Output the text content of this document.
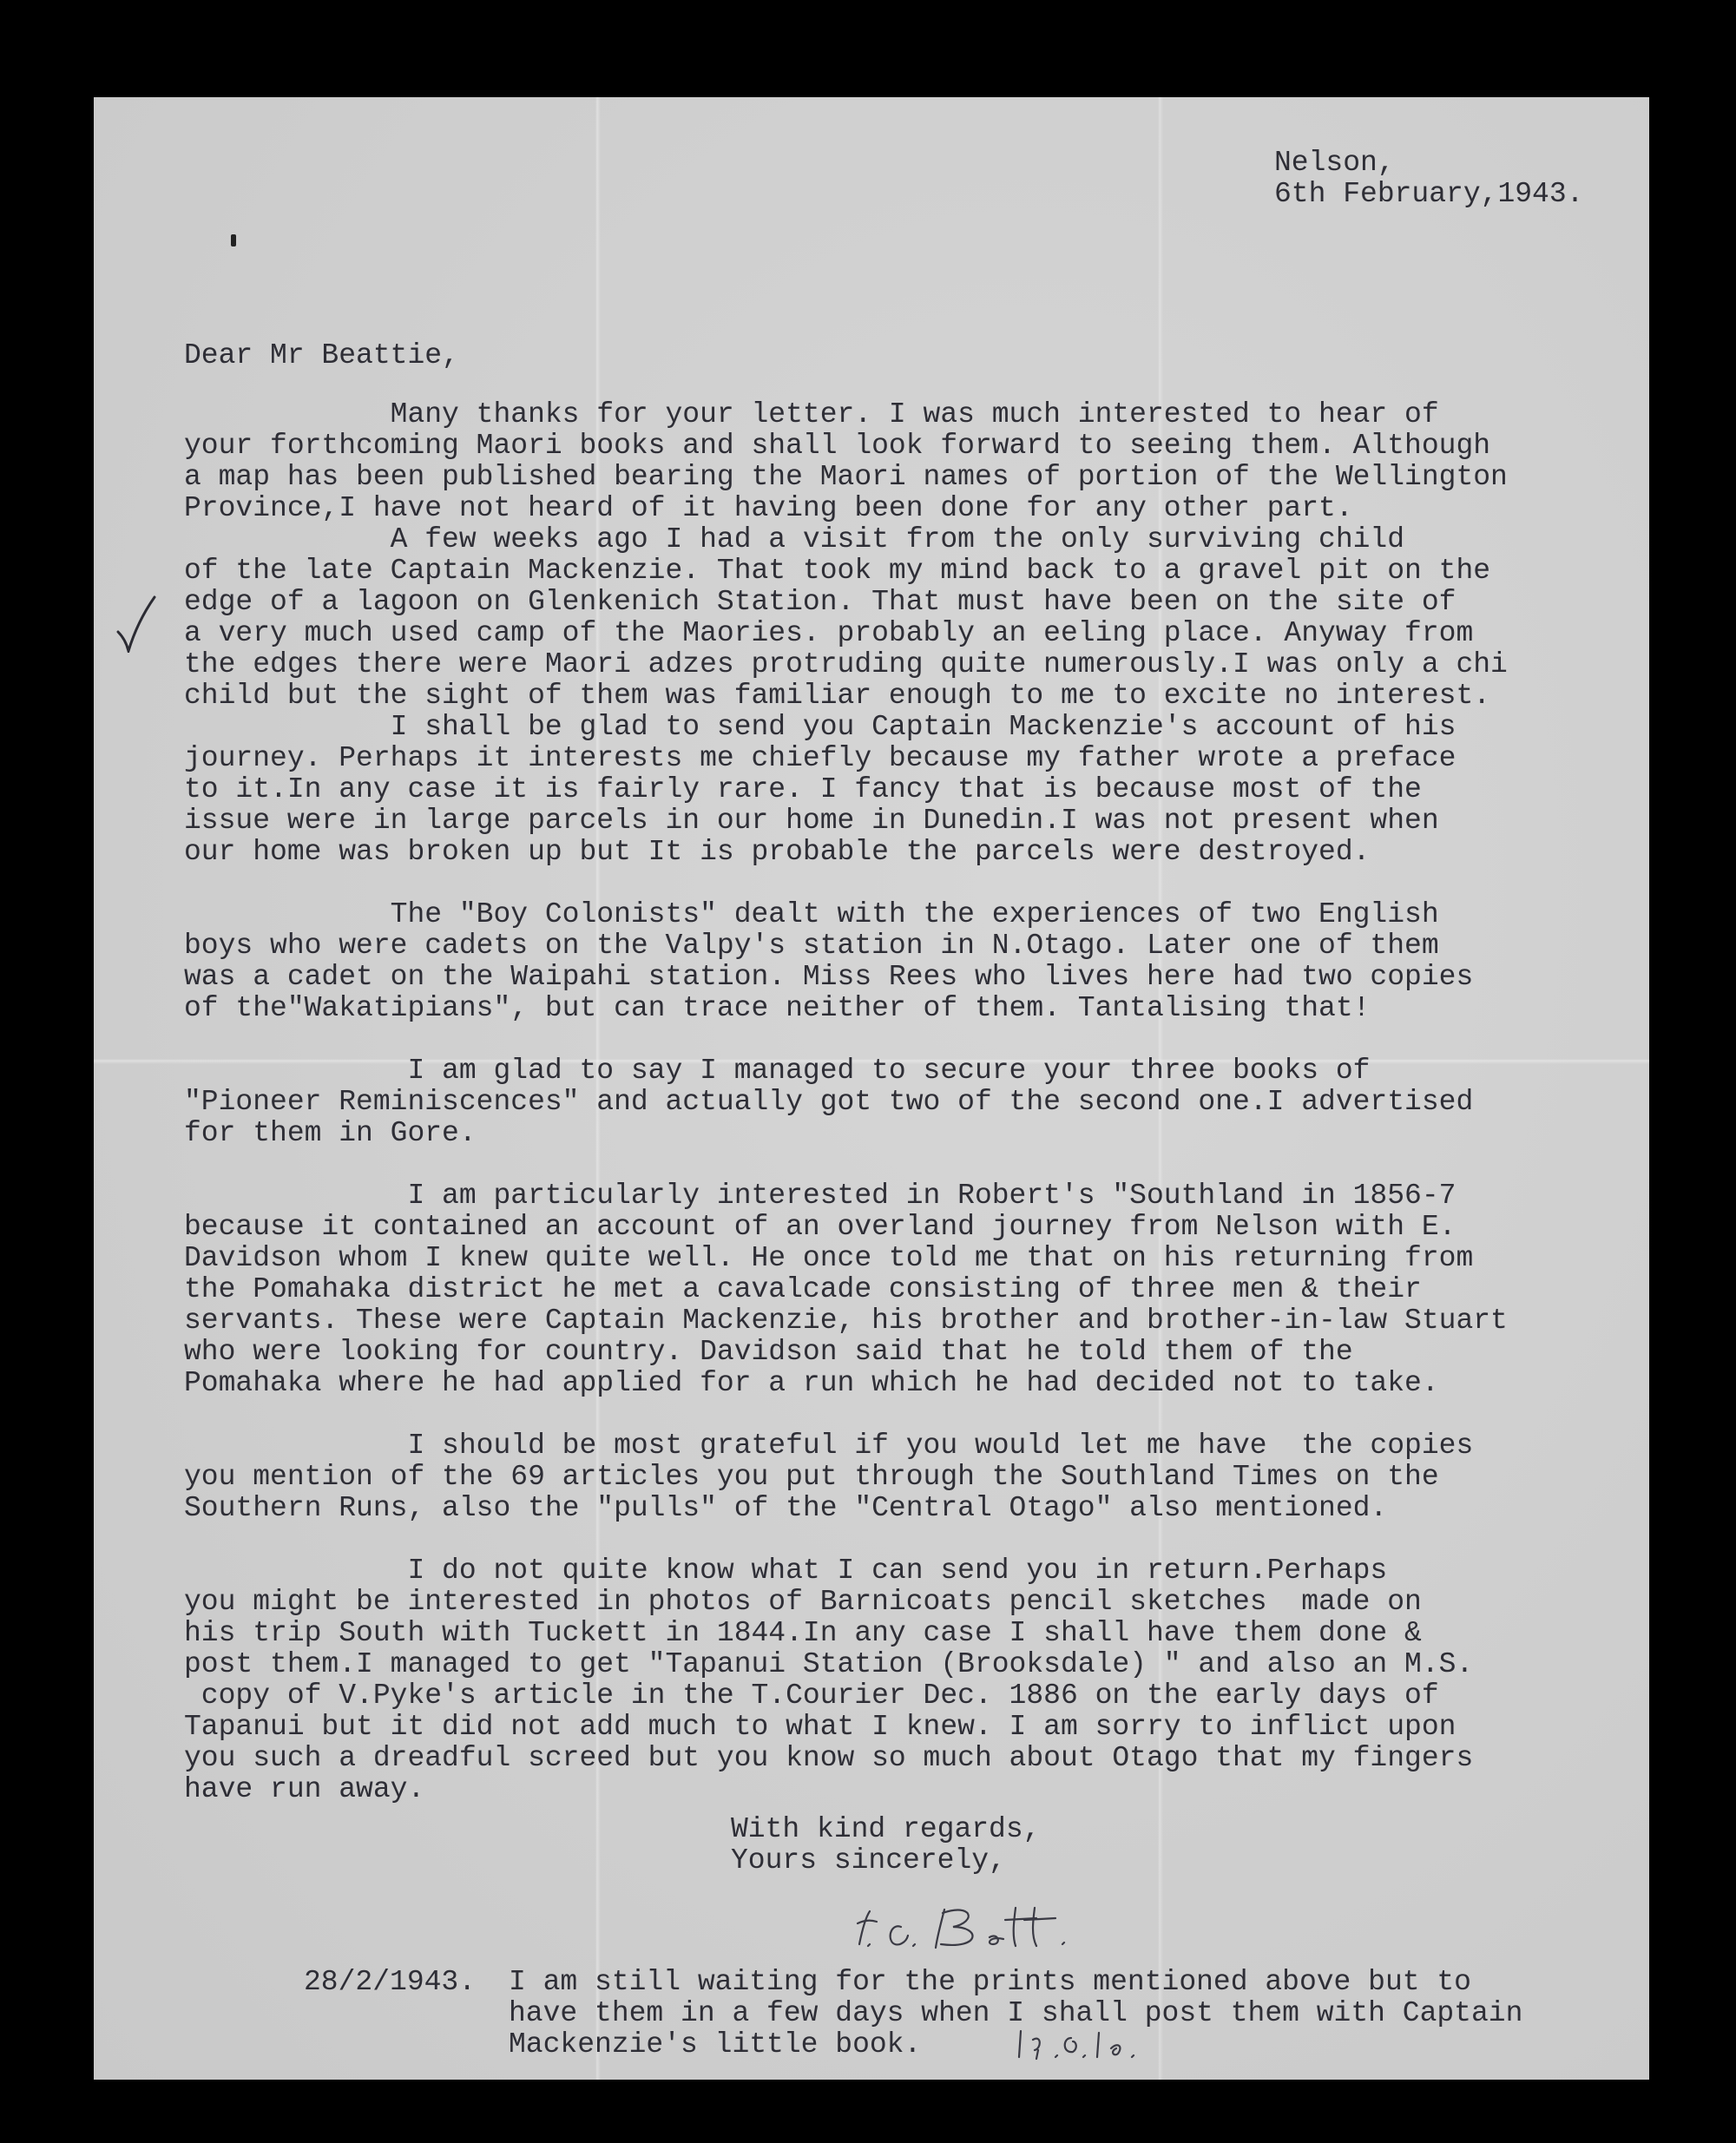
Nelson,
6th February,1943.
Dear Mr Beattie,
Many thanks for your letter. I was much interested to hear of
your forthcoming Maori books and shall look forward to seeing them. Although
a map has been published bearing the Maori names of portion of the Wellington
Province,I have not heard of it having been done for any other part.
A few weeks ago I had a visit from the only surviving child
of the late Captain Mackenzie. That took my mind back to a gravel pit on the
edge of a lagoon on Glenkenich Station. That must have been on the site of
a very much used camp of the Maories. probably an eeling place. Anyway from
the edges there were Maori adzes protruding quite numerously.I was only a chi
child but the sight of them was familiar enough to me to excite no interest.
I shall be glad to send you Captain Mackenzie's account of his
journey. Perhaps it interests me chiefly because my father wrote a preface
to it.In any case it is fairly rare. I fancy that is because most of the
issue were in large parcels in our home in Dunedin.I was not present when
our home was broken up but It is probable the parcels were destroyed.
The "Boy Colonists" dealt with the experiences of two English
boys who were cadets on the Valpy's station in N.Otago. Later one of them
was a cadet on the Waipahi station. Miss Rees who lives here had two copies
of the"Wakatipians", but can trace neither of them. Tantalising that!
I am glad to say I managed to secure your three books of
"Pioneer Reminiscences" and actually got two of the second one.I advertised
for them in Gore.
I am particularly interested in Robert's "Southland in 1856-7
because it contained an account of an overland journey from Nelson with E.
Davidson whom I knew quite well. He once told me that on his returning from
the Pomahaka district he met a cavalcade consisting of three men & their
servants. These were Captain Mackenzie, his brother and brother-in-law Stuart
who were looking for country. Davidson said that he told them of the
Pomahaka where he had applied for a run which he had decided not to take.
I should be most grateful if you would let me have  the copies
you mention of the 69 articles you put through the Southland Times on the
Southern Runs, also the "pulls" of the "Central Otago" also mentioned.
I do not quite know what I can send you in return.Perhaps
you might be interested in photos of Barnicoats pencil sketches  made on
his trip South with Tuckett in 1844.In any case I shall have them done &
post them.I managed to get "Tapanui Station (Brooksdale) " and also an M.S.
copy of V.Pyke's article in the T.Courier Dec. 1886 on the early days of
Tapanui but it did not add much to what I knew. I am sorry to inflict upon
you such a dreadful screed but you know so much about Otago that my fingers
have run away.
With kind regards,
Yours sincerely,
28/2/1943. I am still waiting for the prints mentioned above but to
have them in a few days when I shall post them with Captain
Mackenzie's little book.
